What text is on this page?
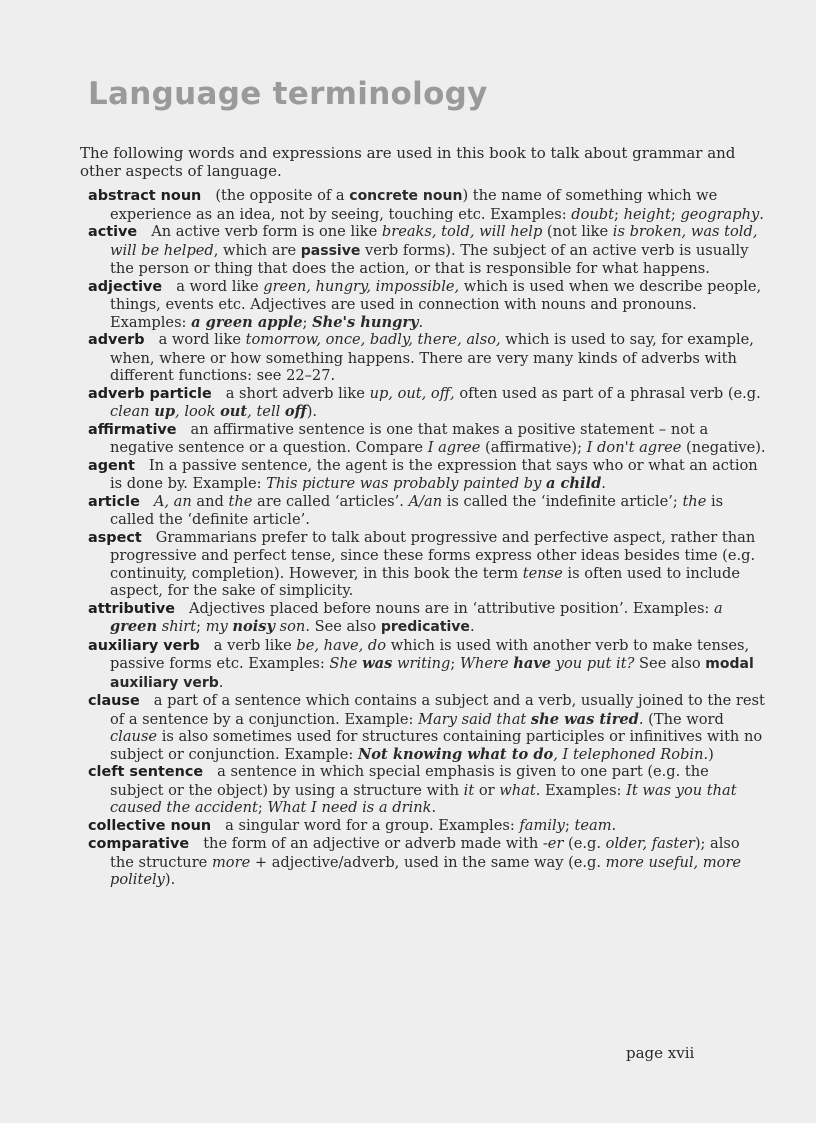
Language terminology

The following words and expressions are used in this book to talk about grammar and other aspects of language.

abstract noun (the opposite of a concrete noun) the name of something which we experience as an idea, not by seeing, touching etc. Examples: doubt; height; geography.

active An active verb form is one like breaks, told, will help (not like is broken, was told, will be helped, which are passive verb forms). The subject of an active verb is usually the person or thing that does the action, or that is responsible for what happens.

adjective a word like green, hungry, impossible, which is used when we describe people, things, events etc. Adjectives are used in connection with nouns and pronouns. Examples: a green apple; She's hungry.

adverb a word like tomorrow, once, badly, there, also, which is used to say, for example, when, where or how something happens. There are very many kinds of adverbs with different functions: see 22–27.

adverb particle a short adverb like up, out, off, often used as part of a phrasal verb (e.g. clean up, look out, tell off).

affirmative an affirmative sentence is one that makes a positive statement – not a negative sentence or a question. Compare I agree (affirmative); I don't agree (negative).

agent In a passive sentence, the agent is the expression that says who or what an action is done by. Example: This picture was probably painted by a child.

article A, an and the are called ‘articles’. A/an is called the ‘indefinite article’; the is called the ‘definite article’.

aspect Grammarians prefer to talk about progressive and perfective aspect, rather than progressive and perfect tense, since these forms express other ideas besides time (e.g. continuity, completion). However, in this book the term tense is often used to include aspect, for the sake of simplicity.

attributive Adjectives placed before nouns are in ‘attributive position’. Examples: a green shirt; my noisy son. See also predicative.

auxiliary verb a verb like be, have, do which is used with another verb to make tenses, passive forms etc. Examples: She was writing; Where have you put it? See also modal auxiliary verb.

clause a part of a sentence which contains a subject and a verb, usually joined to the rest of a sentence by a conjunction. Example: Mary said that she was tired. (The word clause is also sometimes used for structures containing participles or infinitives with no subject or conjunction. Example: Not knowing what to do, I telephoned Robin.)

cleft sentence a sentence in which special emphasis is given to one part (e.g. the subject or the object) by using a structure with it or what. Examples: It was you that caused the accident; What I need is a drink.

collective noun a singular word for a group. Examples: family; team.

comparative the form of an adjective or adverb made with -er (e.g. older, faster); also the structure more + adjective/adverb, used in the same way (e.g. more useful, more politely).

page xvii
